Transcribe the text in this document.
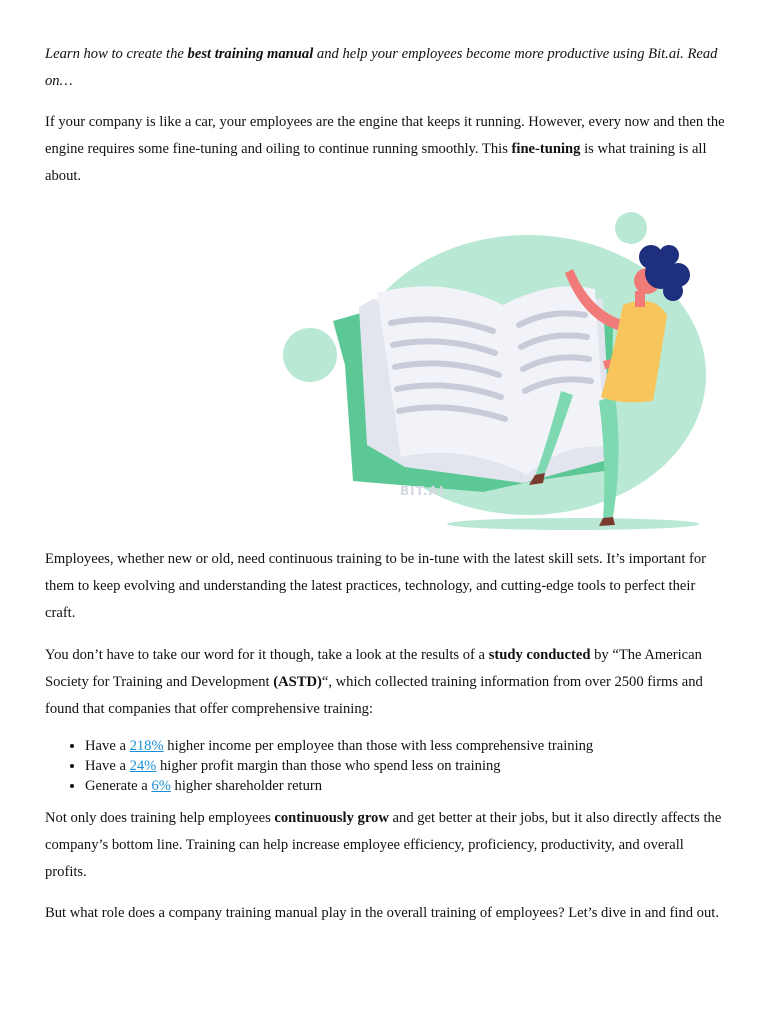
Learn how to create the best training manual and help your employees become more productive using Bit.ai. Read on…

If your company is like a car, your employees are the engine that keeps it running. However, every now and then the engine requires some fine-tuning and oiling to continue running smoothly. This fine-tuning is what training is all about.

BIT.AI

Employees, whether new or old, need continuous training to be in-tune with the latest skill sets. It’s important for them to keep evolving and understanding the latest practices, technology, and cutting-edge tools to perfect their craft.

You don’t have to take our word for it though, take a look at the results of a study conducted by “The American Society for Training and Development (ASTD)“, which collected training information from over 2500 firms and found that companies that offer comprehensive training:

• Have a 218% higher income per employee than those with less comprehensive training
• Have a 24% higher profit margin than those who spend less on training
• Generate a 6% higher shareholder return

Not only does training help employees continuously grow and get better at their jobs, but it also directly affects the company’s bottom line. Training can help increase employee efficiency, proficiency, productivity, and overall profits.

But what role does a company training manual play in the overall training of employees? Let’s dive in and find out.
